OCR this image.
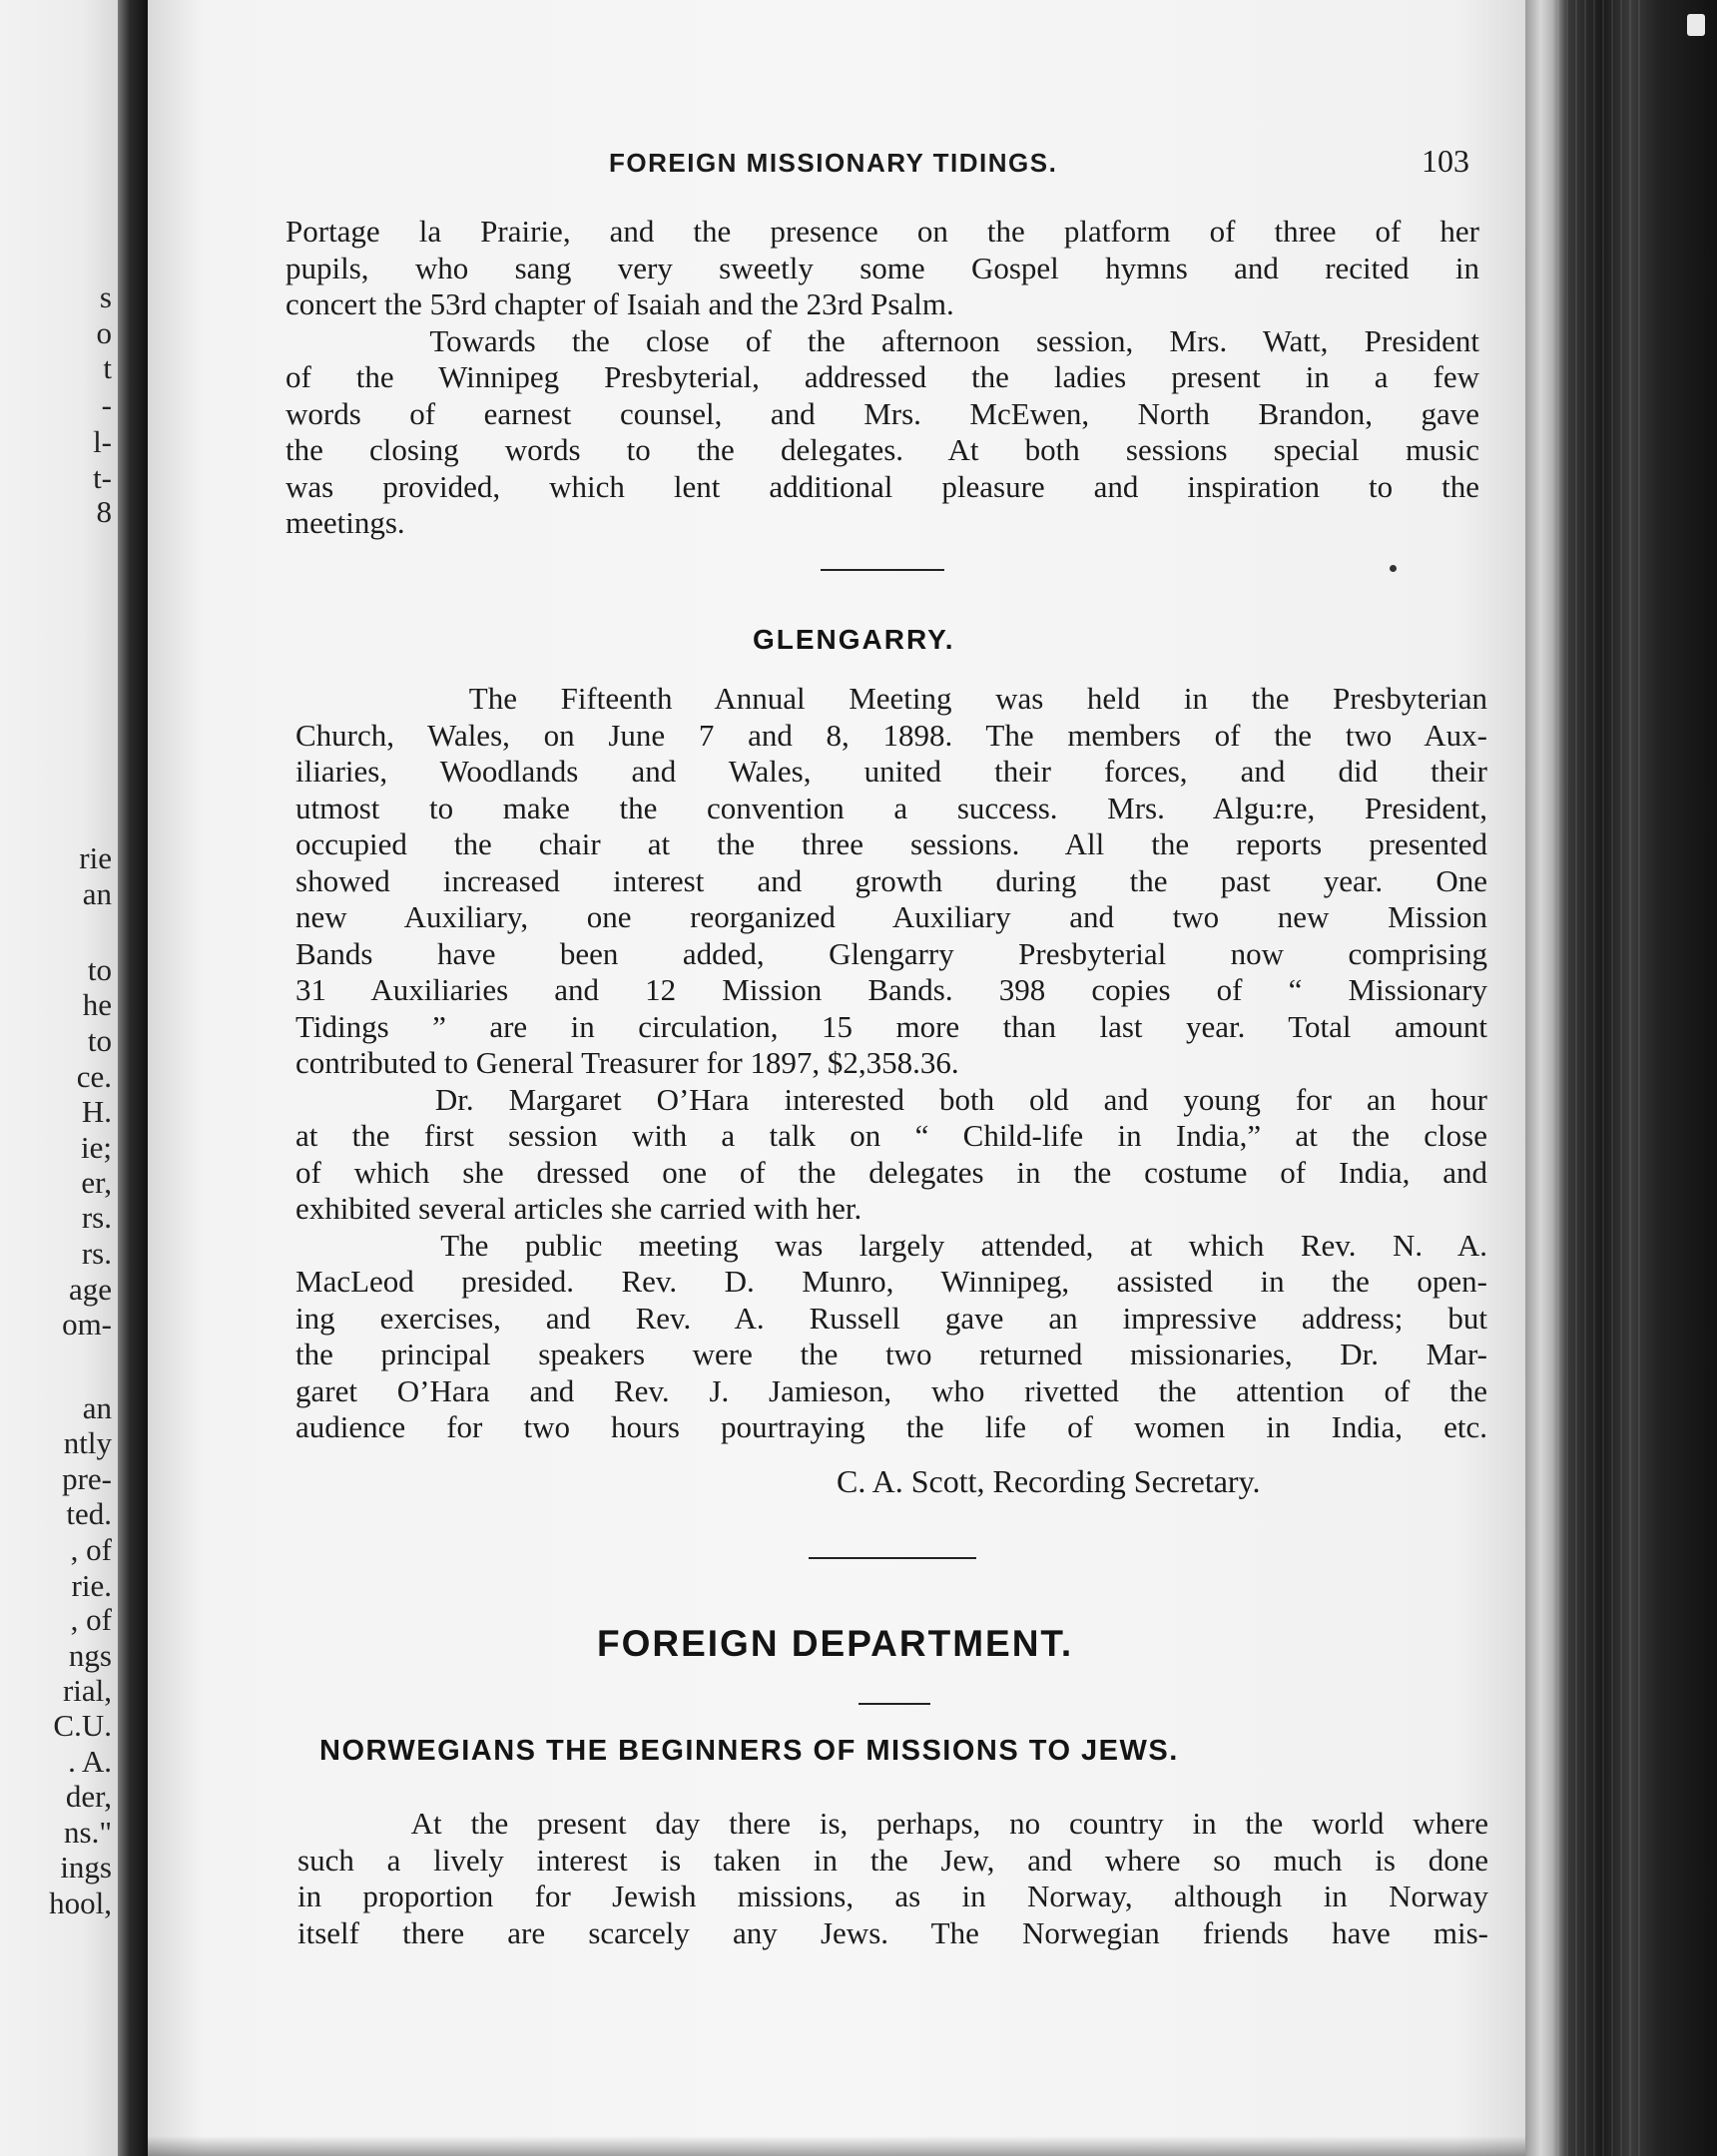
s
o
t
-
l-
t-
8
rie
an
to
he
to
ce.
H.
ie;
er,
rs.
rs.
age
om-
an
ntly
pre-
ted.
, of
rie.
, of
ngs
rial,
C.U.
. A.
der,
ns."
ings
hool,
FOREIGN MISSIONARY TIDINGS.	103
Portage la Prairie, and the presence on the platform of three of her
pupils, who sang very sweetly some Gospel hymns and recited in
concert the 53rd chapter of Isaiah and the 23rd Psalm.
Towards the close of the afternoon session, Mrs. Watt, President
of the Winnipeg Presbyterial, addressed the ladies present in a few
words of earnest counsel, and Mrs. McEwen, North Brandon, gave
the closing words to the delegates. At both sessions special music
was provided, which lent additional pleasure and inspiration to the
meetings.
GLENGARRY.
The Fifteenth Annual Meeting was held in the Presbyterian
Church, Wales, on June 7 and 8, 1898. The members of the two Aux-
iliaries, Woodlands and Wales, united their forces, and did their
utmost to make the convention a success. Mrs. Algu:re, President,
occupied the chair at the three sessions. All the reports presented
showed increased interest and growth during the past year. One
new Auxiliary, one reorganized Auxiliary and two new Mission
Bands have been added, Glengarry Presbyterial now comprising
31 Auxiliaries and 12 Mission Bands. 398 copies of “ Missionary
Tidings ” are in circulation, 15 more than last year. Total amount
contributed to General Treasurer for 1897, $2,358.36.
Dr. Margaret O’Hara interested both old and young for an hour
at the first session with a talk on “ Child-life in India,” at the close
of which she dressed one of the delegates in the costume of India, and
exhibited several articles she carried with her.
The public meeting was largely attended, at which Rev. N. A.
MacLeod presided. Rev. D. Munro, Winnipeg, assisted in the open-
ing exercises, and Rev. A. Russell gave an impressive address; but
the principal speakers were the two returned missionaries, Dr. Mar-
garet O’Hara and Rev. J. Jamieson, who rivetted the attention of the
audience for two hours pourtraying the life of women in India, etc.
C. A. Scott, Recording Secretary.
FOREIGN DEPARTMENT.
NORWEGIANS THE BEGINNERS OF MISSIONS TO JEWS.
At the present day there is, perhaps, no country in the world where
such a lively interest is taken in the Jew, and where so much is done
in proportion for Jewish missions, as in Norway, although in Norway
itself there are scarcely any Jews. The Norwegian friends have mis-
